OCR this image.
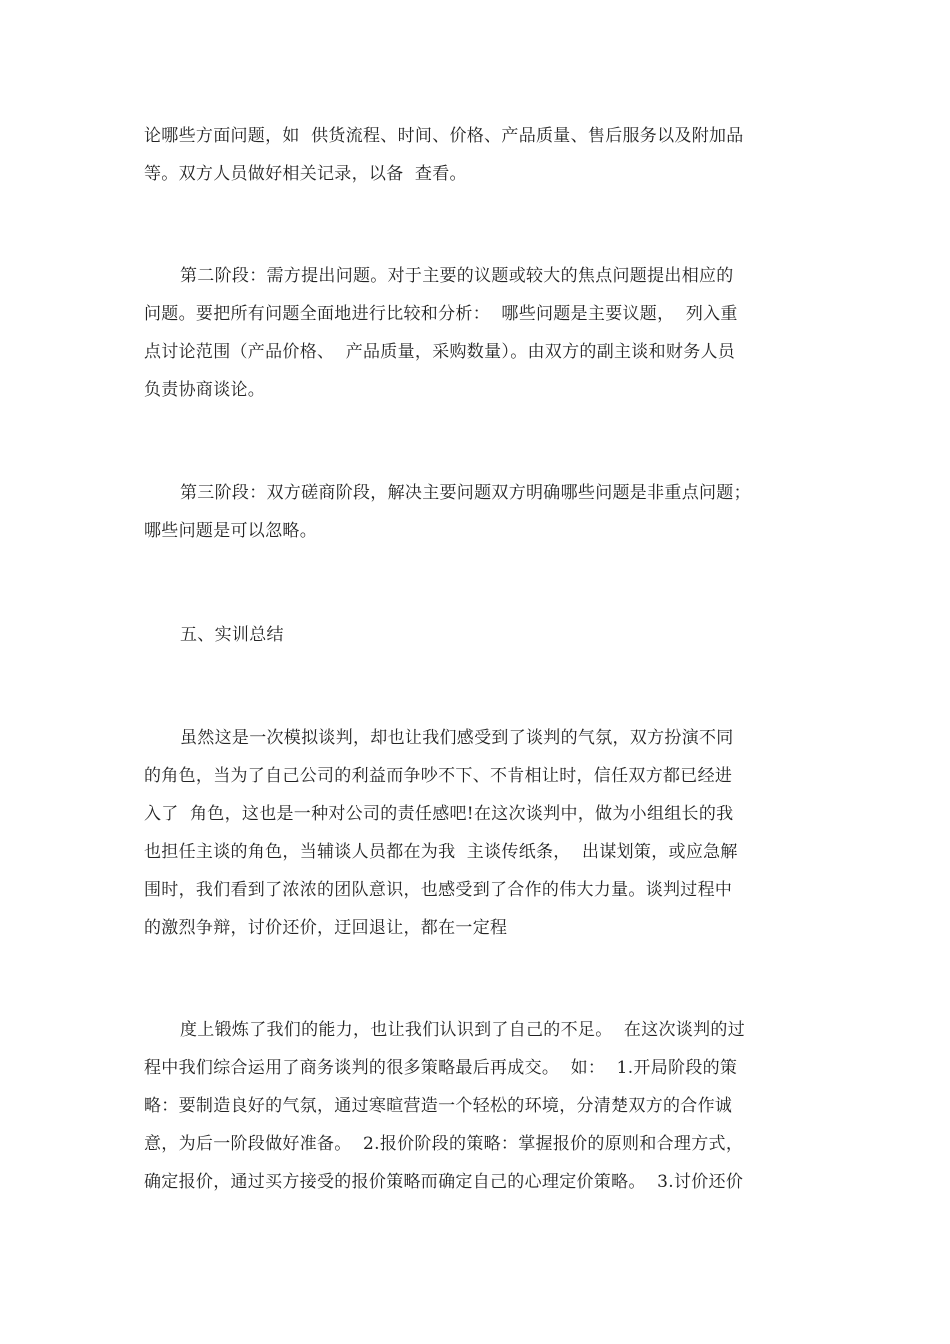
论哪些方面问题，如  供货流程、时间、价格、产品质量、售后服务以及附加品
等。双方人员做好相关记录，以备  查看。
第二阶段：需方提出问题。对于主要的议题或较大的焦点问题提出相应的
问题。要把所有问题全面地进行比较和分析：  哪些问题是主要议题，  列入重
点讨论范围（产品价格、  产品质量，采购数量）。由双方的副主谈和财务人员
负责协商谈论。
第三阶段：双方磋商阶段，解决主要问题双方明确哪些问题是非重点问题；
哪些问题是可以忽略。
五、实训总结
虽然这是一次模拟谈判，却也让我们感受到了谈判的气氛，双方扮演不同
的角色，当为了自己公司的利益而争吵不下、不肯相让时，信任双方都已经进
入了  角色，这也是一种对公司的责任感吧!在这次谈判中，做为小组组长的我
也担任主谈的角色，当辅谈人员都在为我  主谈传纸条，  出谋划策，或应急解
围时，我们看到了浓浓的团队意识，也感受到了合作的伟大力量。谈判过程中
的激烈争辩，讨价还价，迂回退让，都在一定程
度上锻炼了我们的能力，也让我们认识到了自己的不足。  在这次谈判的过
程中我们综合运用了商务谈判的很多策略最后再成交。  如：  1.开局阶段的策
略：要制造良好的气氛，通过寒暄营造一个轻松的环境，分清楚双方的合作诚
意，为后一阶段做好准备。  2.报价阶段的策略：掌握报价的原则和合理方式，
确定报价，通过买方接受的报价策略而确定自己的心理定价策略。  3.讨价还价
